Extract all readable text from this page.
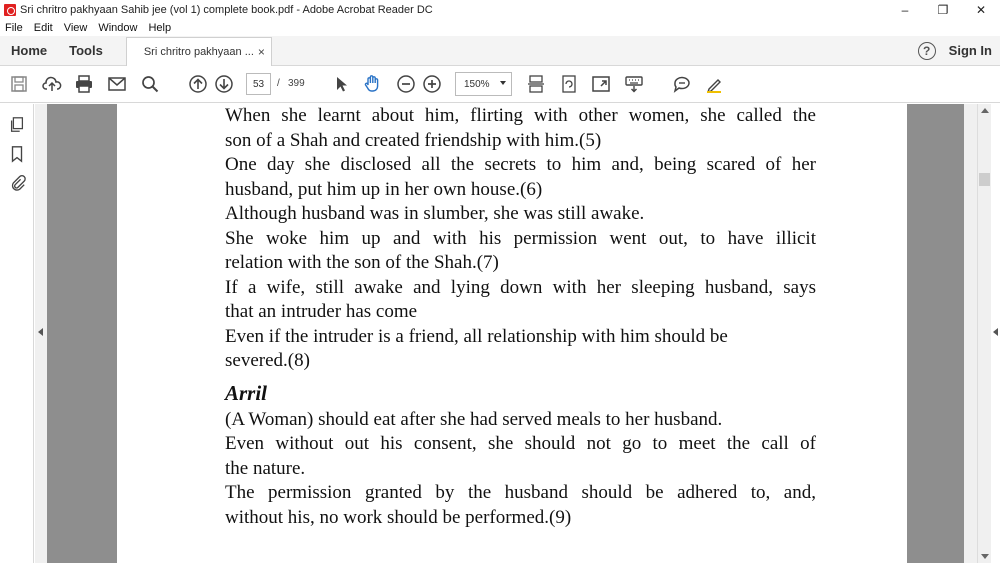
Sri chritro pakhyaan Sahib jee (vol 1) complete book.pdf - Adobe Acrobat Reader DC	–	❐	✕
File	Edit	View	Window	Help
Home	Tools	Sri chritro pakhyaan ... ×	?	Sign In
53	/ 399	150%
When she learnt about him, flirting with other women, she called the
son of a Shah and created friendship with him.(5)
One day she disclosed all the secrets to him and, being scared of her
husband, put him up in her own house.(6)
Although husband was in slumber, she was still awake.
She woke him up and with his permission went out, to have illicit
relation with the son of the Shah.(7)
If a wife, still awake and lying down with her sleeping husband, says
that an intruder has come
Even if the intruder is a friend, all relationship with him should be
severed.(8)
Arril
(A Woman) should eat after she had served meals to her husband.
Even without out his consent, she should not go to meet the call of
the nature.
The permission granted by the husband should be adhered to, and,
without his, no work should be performed.(9)
